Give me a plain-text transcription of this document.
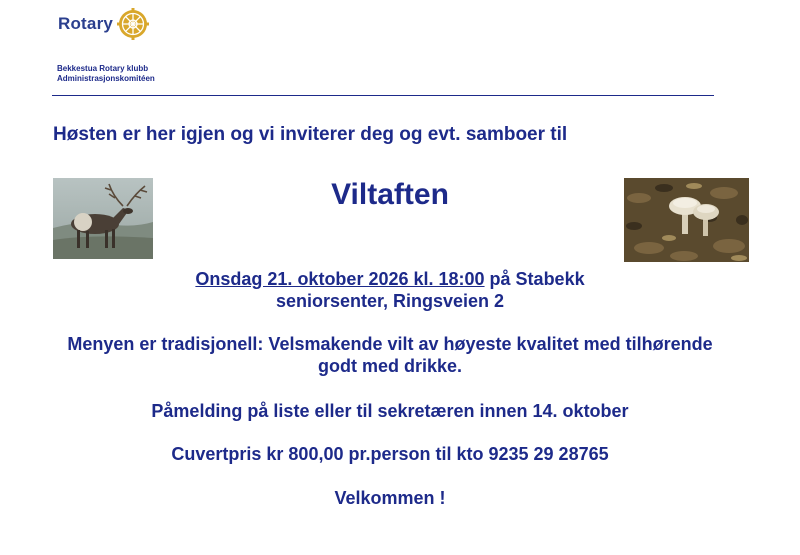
Rotary
Bekkestua Rotary klubb
Administrasjonskomitéen
Høsten er her igjen og vi inviterer deg og evt. samboer til
Viltaften
Onsdag 21. oktober 2026 kl. 18:00 på Stabekk
seniorsenter, Ringsveien 2
Menyen er tradisjonell: Velsmakende vilt av høyeste kvalitet med tilhørende
godt med drikke.
Påmelding på liste eller til sekretæren innen 14. oktober
Cuvertpris kr 800,00 pr.person til kto 9235 29 28765
Velkommen !
